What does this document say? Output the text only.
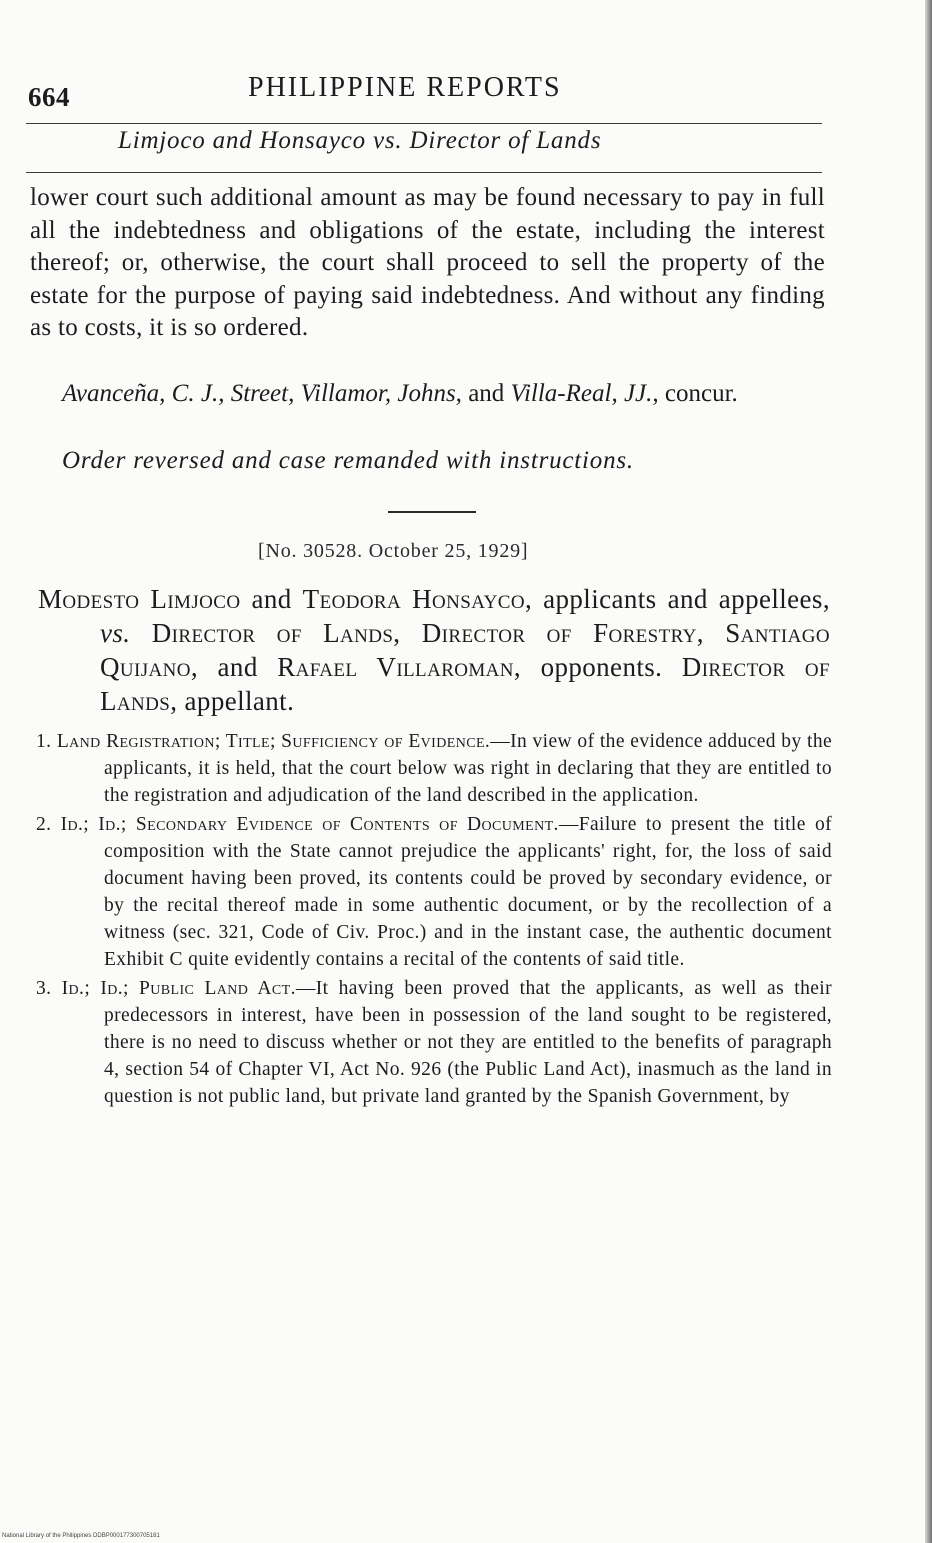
664	PHILIPPINE REPORTS
Limjoco and Honsayco vs. Director of Lands

lower court such additional amount as may be found necessary to pay in full all the indebtedness and obligations of the estate, including the interest thereof; or, otherwise, the court shall proceed to sell the property of the estate for the purpose of paying said indebtedness. And without any finding as to costs, it is so ordered.

Avanceña, C. J., Street, Villamor, Johns, and Villa-Real, JJ., concur.
Order reversed and case remanded with instructions.
[No. 30528. October 25, 1929]
Modesto Limjoco and Teodora Honsayco, applicants and appellees, vs. Director of Lands, Director of Forestry, Santiago Quijano, and Rafael Villaroman, opponents. Director of Lands, appellant.

1. Land Registration; Title; Sufficiency of Evidence.—In view of the evidence adduced by the applicants, it is held, that the court below was right in declaring that they are entitled to the registration and adjudication of the land described in the application.

2. Id.; Id.; Secondary Evidence of Contents of Document.—Failure to present the title of composition with the State cannot prejudice the applicants' right, for, the loss of said document having been proved, its contents could be proved by secondary evidence, or by the recital thereof made in some authentic document, or by the recollection of a witness (sec. 321, Code of Civ. Proc.) and in the instant case, the authentic document Exhibit C quite evidently contains a recital of the contents of said title.

3. Id.; Id.; Public Land Act.—It having been proved that the applicants, as well as their predecessors in interest, have been in possession of the land sought to be registered, there is no need to discuss whether or not they are entitled to the benefits of paragraph 4, section 54 of Chapter VI, Act No. 926 (the Public Land Act), inasmuch as the land in question is not public land, but private land granted by the Spanish Government, by

National Library of the Philippines DDBP000177300705181
